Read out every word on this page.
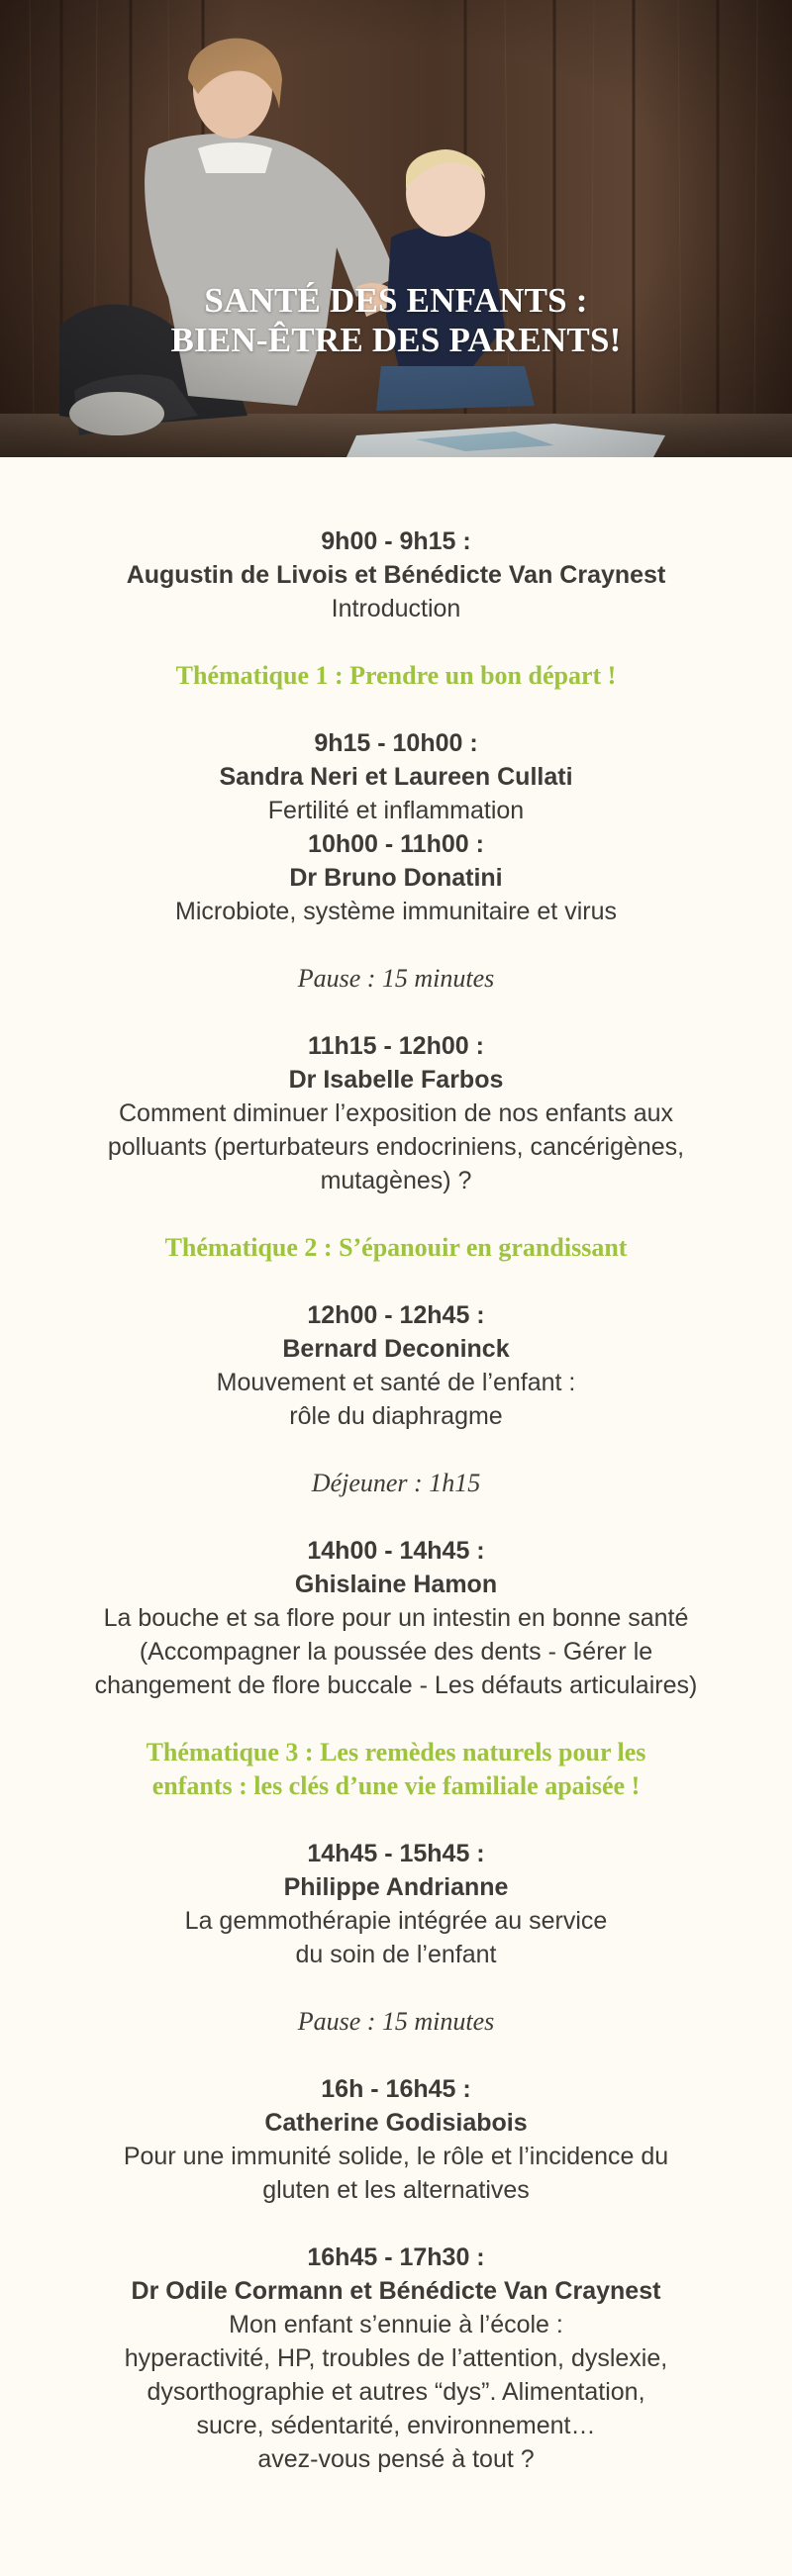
SANTÉ DES ENFANTS :
BIEN-ÊTRE DES PARENTS!
9h00 - 9h15 :
Augustin de Livois et Bénédicte Van Craynest
Introduction
Thématique 1 : Prendre un bon départ !
9h15 - 10h00 :
Sandra Neri et Laureen Cullati
Fertilité et inflammation
10h00 - 11h00 :
Dr Bruno Donatini
Microbiote, système immunitaire et virus
Pause : 15 minutes
11h15 - 12h00 :
Dr Isabelle Farbos
Comment diminuer l’exposition de nos enfants aux polluants (perturbateurs endocriniens, cancérigènes, mutagènes) ?
Thématique 2 : S’épanouir en grandissant
12h00 - 12h45 :
Bernard Deconinck
Mouvement et santé de l’enfant :
rôle du diaphragme
Déjeuner : 1h15
14h00 - 14h45 :
Ghislaine Hamon
La bouche et sa flore pour un intestin en bonne santé (Accompagner la poussée des dents - Gérer le changement de flore buccale - Les défauts articulaires)
Thématique 3 : Les remèdes naturels pour les enfants : les clés d’une vie familiale apaisée !
14h45 - 15h45 :
Philippe Andrianne
La gemmothérapie intégrée au service
du soin de l’enfant
Pause : 15 minutes
16h - 16h45 :
Catherine Godisiabois
Pour une immunité solide, le rôle et l’incidence du gluten et les alternatives
16h45 - 17h30 :
Dr Odile Cormann et Bénédicte Van Craynest
Mon enfant s’ennuie à l’école :
hyperactivité, HP, troubles de l’attention, dyslexie,
dysorthographie et autres “dys”. Alimentation,
sucre, sédentarité, environnement…
avez-vous pensé à tout ?
